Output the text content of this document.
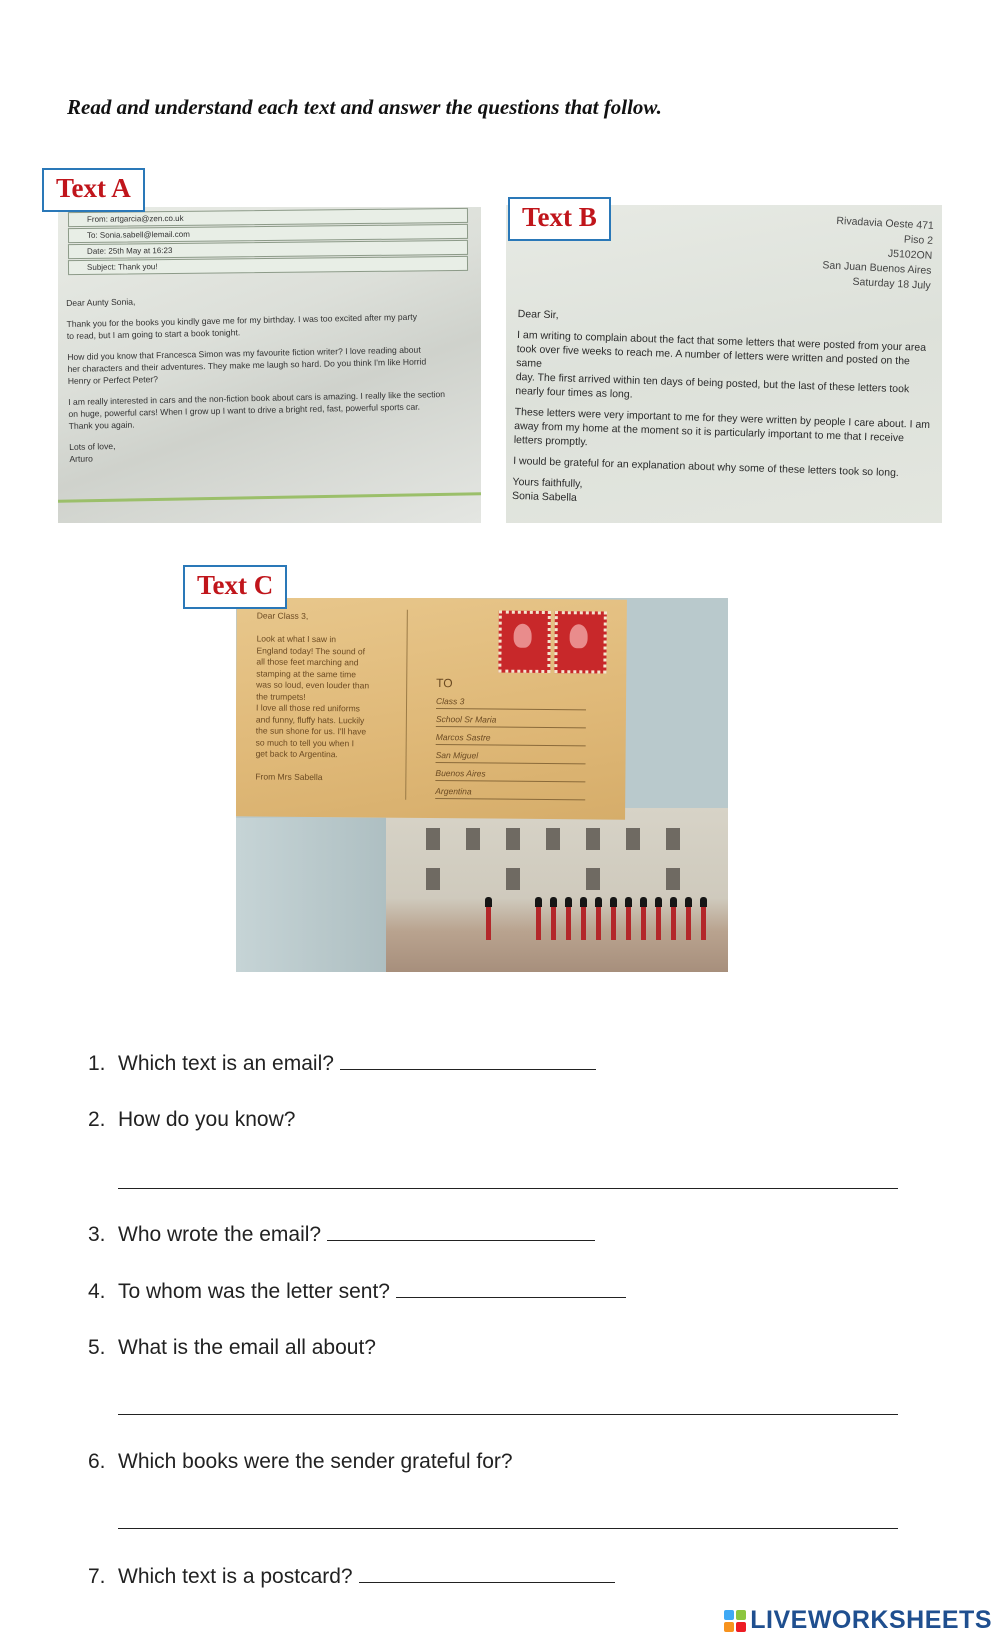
Read and understand each text and answer the questions that follow.
Text A
From: artgarcia@zen.co.uk
To: Sonia.sabell@lemail.com
Date: 25th May at 16:23
Subject: Thank you!

Dear Aunty Sonia,

Thank you for the books you kindly gave me for my birthday. I was too excited after my party
to read, but I am going to start a book tonight.

How did you know that Francesca Simon was my favourite fiction writer? I love reading about
her characters and their adventures. They make me laugh so hard. Do you think I'm like Horrid
Henry or Perfect Peter?

I am really interested in cars and the non-fiction book about cars is amazing. I really like the section
on huge, powerful cars! When I grow up I want to drive a bright red, fast, powerful sports car.
Thank you again.

Lots of love,
Arturo

Text B	Rivadavia Oeste 471
Piso 2
J5102ON
San Juan Buenos Aires
Saturday 18 July

Dear Sir,

I am writing to complain about the fact that some letters that were posted from your area
took over five weeks to reach me. A number of letters were written and posted on the same
day. The first arrived within ten days of being posted, but the last of these letters took
nearly four times as long.

These letters were very important to me for they were written by people I care about. I am
away from my home at the moment so it is particularly important to me that I receive
letters promptly.

I would be grateful for an explanation about why some of these letters took so long.

Yours faithfully,
Sonia Sabella

Text C
Dear Class 3,

Look at what I saw in
England today! The sound of
all those feet marching and
stamping at the same time
was so loud, even louder than
the trumpets!
I love all those red uniforms
and funny, fluffy hats. Luckily
the sun shone for us. I'll have
so much to tell you when I
get back to Argentina.

From Mrs Sabella
TO
Class 3
School Sr Maria
Marcos Sastre
San Miguel
Buenos Aires
Argentina
1. Which text is an email?
2. How do you know?
3. Who wrote the email?
4. To whom was the letter sent?
5. What is the email all about?
6. Which books were the sender grateful for?
7. Which text is a postcard?
LIVEWORKSHEETS
